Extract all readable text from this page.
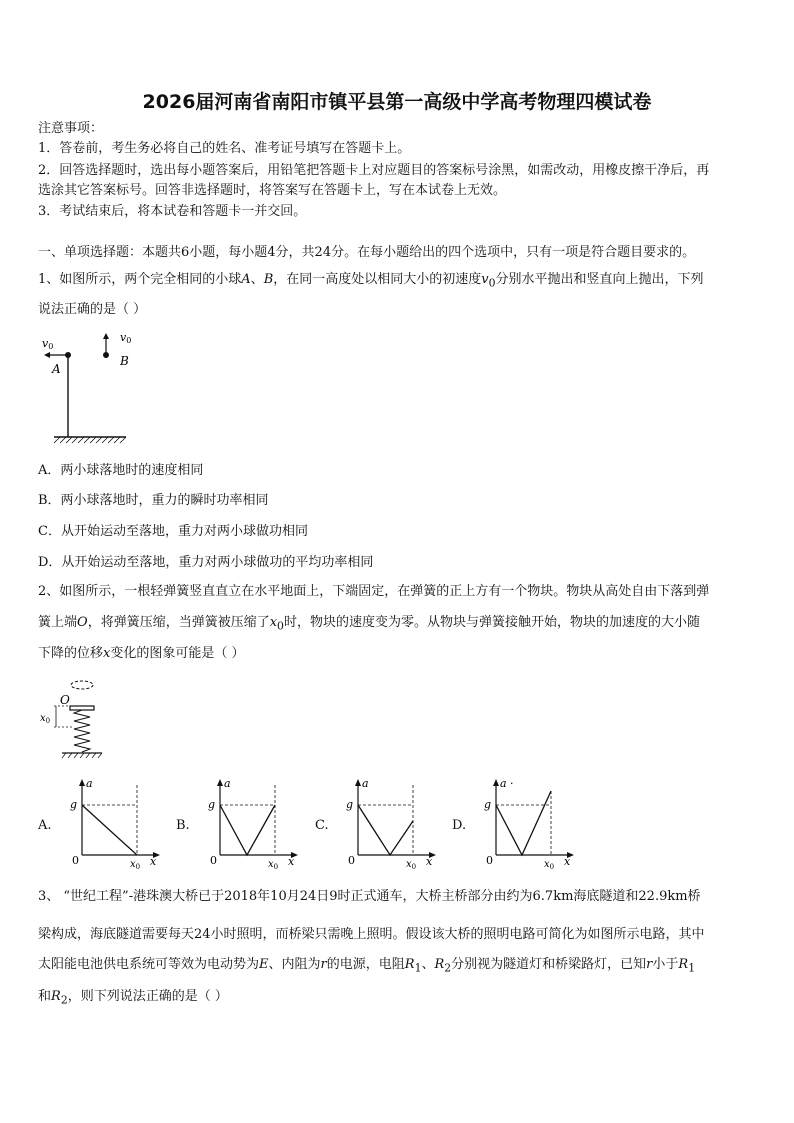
2026届河南省南阳市镇平县第一高级中学高考物理四模试卷
注意事项：
1．答卷前，考生务必将自己的姓名、准考证号填写在答题卡上。
2．回答选择题时，选出每小题答案后，用铅笔把答题卡上对应题目的答案标号涂黑，如需改动，用橡皮擦干净后，再
选涂其它答案标号。回答非选择题时，将答案写在答题卡上，写在本试卷上无效。
3．考试结束后，将本试卷和答题卡一并交回。
一、单项选择题：本题共6小题，每小题4分，共24分。在每小题给出的四个选项中，只有一项是符合题目要求的。
1、如图所示，两个完全相同的小球A、B，在同一高度处以相同大小的初速度$v_0$分别水平抛出和竖直向上抛出，下列
说法正确的是（ ）
v0
v0
A
B
A．两小球落地时的速度相同
B．两小球落地时，重力的瞬时功率相同
C．从开始运动至落地，重力对两小球做功相同
D．从开始运动至落地，重力对两小球做功的平均功率相同
2、如图所示，一根轻弹簧竖直直立在水平地面上，下端固定，在弹簧的正上方有一个物块。物块从高处自由下落到弹
簧上端O，将弹簧压缩，当弹簧被压缩了$x_0$时，物块的速度变为零。从物块与弹簧接触开始，物块的加速度的大小随
下降的位移x变化的图象可能是（ ）
O
$x_0$
A.	B.	C.	D.
a
g
0	$x_0$ x
a
g
0	$x_0$ x
a
g
0	$x_0$ x
a ·
g
0	$x_0$ x
3、 “世纪工程”-港珠澳大桥已于2018年10月24日9时正式通车，大桥主桥部分由约为6.7km海底隧道和22.9km桥
梁构成，海底隧道需要每天24小时照明，而桥梁只需晚上照明。假设该大桥的照明电路可简化为如图所示电路，其中
太阳能电池供电系统可等效为电动势为E、内阻为r的电源，电阻$R_1$、$R_2$分别视为隧道灯和桥梁路灯，已知r小于$R_1$
和$R_2$，则下列说法正确的是（ ）
